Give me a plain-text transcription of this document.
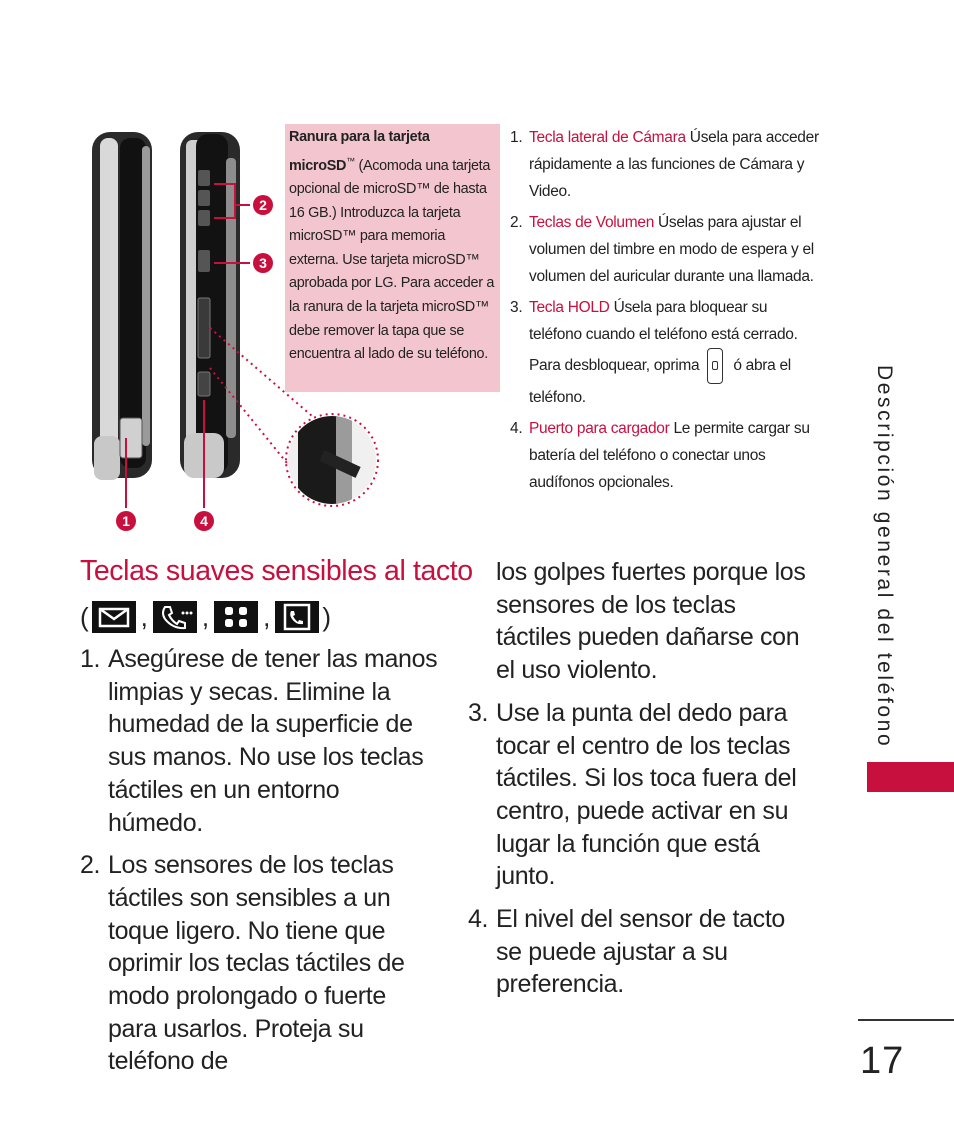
2
3
1	4
Ranura para la tarjeta microSD™ (Acomoda una tarjeta opcional de microSD™ de hasta 16 GB.) Introduzca la tarjeta microSD™ para memoria externa. Use tarjeta microSD™ aprobada por LG. Para acceder a la ranura de la tarjeta microSD™ debe remover la tapa que se encuentra al lado de su teléfono.
1. Tecla lateral de Cámara Úsela para acceder rápidamente a las funciones de Cámara y Video.
2. Teclas de Volumen Úselas para ajustar el volumen del timbre en modo de espera y el volumen del auricular durante una llamada.
3. Tecla HOLD Úsela para bloquear su teléfono cuando el teléfono está cerrado. Para desbloquear, oprima ó abra el teléfono.
4. Puerto para cargador Le permite cargar su batería del teléfono o conectar unos audífonos opcionales.
Teclas suaves sensibles al tacto
( , , , )
1. Asegúrese de tener las manos limpias y secas. Elimine la humedad de la superficie de sus manos. No use los teclas táctiles en un entorno húmedo.
2. Los sensores de los teclas táctiles son sensibles a un toque ligero. No tiene que oprimir los teclas táctiles de modo prolongado o fuerte para usarlos. Proteja su teléfono de
los golpes fuertes porque los sensores de los teclas táctiles pueden dañarse con el uso violento.
3. Use la punta del dedo para tocar el centro de los teclas táctiles. Si los toca fuera del centro, puede activar en su lugar la función que está junto.
4. El nivel del sensor de tacto se puede ajustar a su preferencia.
Descripción general del teléfono
17
